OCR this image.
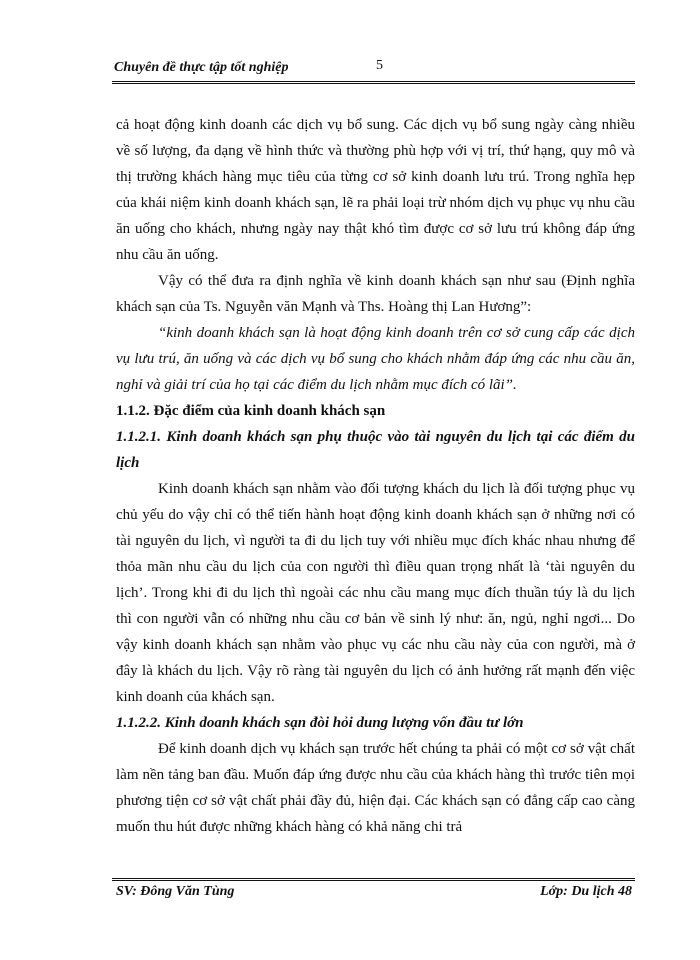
Chuyên đề thực tập tốt nghiệp	5

cả hoạt động kinh doanh các dịch vụ bổ sung. Các dịch vụ bổ sung ngày càng nhiều về số lượng, đa dạng về hình thức và thường phù hợp với vị trí, thứ hạng, quy mô và thị trường khách hàng mục tiêu của từng cơ sở kinh doanh lưu trú. Trong nghĩa hẹp của khái niệm kinh doanh khách sạn, lẽ ra phải loại trừ nhóm dịch vụ phục vụ nhu cầu ăn uống cho khách, nhưng ngày nay thật khó tìm được cơ sở lưu trú không đáp ứng nhu cầu ăn uống.

Vậy có thể đưa ra định nghĩa về kinh doanh khách sạn như sau (Định nghĩa khách sạn của Ts. Nguyễn văn Mạnh và Ths. Hoàng thị Lan Hương”:

“kinh doanh khách sạn là hoạt động kinh doanh trên cơ sở cung cấp các dịch vụ lưu trú, ăn uống và các dịch vụ bổ sung cho khách nhằm đáp ứng các nhu cầu ăn, nghỉ và giải trí của họ tại các điểm du lịch nhằm mục đích có lãi”.

1.1.2. Đặc điểm của kinh doanh khách sạn

1.1.2.1. Kinh doanh khách sạn phụ thuộc vào tài nguyên du lịch tại các điểm du lịch

Kinh doanh khách sạn nhằm vào đối tượng khách du lịch là đối tượng phục vụ chủ yếu do vậy chỉ có thể tiến hành hoạt động kinh doanh khách sạn ở những nơi có tài nguyên du lịch, vì người ta đi du lịch tuy với nhiều mục đích khác nhau nhưng để thỏa mãn nhu cầu du lịch của con người thì điều quan trọng nhất là ‘tài nguyên du lịch’. Trong khi đi du lịch thì ngoài các nhu cầu mang mục đích thuần túy là du lịch thì con người vẫn có những nhu cầu cơ bản về sinh lý như: ăn, ngủ, nghỉ ngơi... Do vậy kinh doanh khách sạn nhằm vào phục vụ các nhu cầu này của con người, mà ở đây là khách du lịch. Vậy rõ ràng tài nguyên du lịch có ảnh hưởng rất mạnh đến việc kinh doanh của khách sạn.

1.1.2.2. Kinh doanh khách sạn đòi hỏi dung lượng vốn đầu tư lớn

Để kinh doanh dịch vụ khách sạn trước hết chúng ta phải có một cơ sở vật chất làm nền tảng ban đầu. Muốn đáp ứng được nhu cầu của khách hàng thì trước tiên mọi phương tiện cơ sở vật chất phải đầy đủ, hiện đại. Các khách sạn có đẳng cấp cao càng muốn thu hút được những khách hàng có khả năng chi trả

SV: Đông Văn Tùng	Lớp: Du lịch 48
